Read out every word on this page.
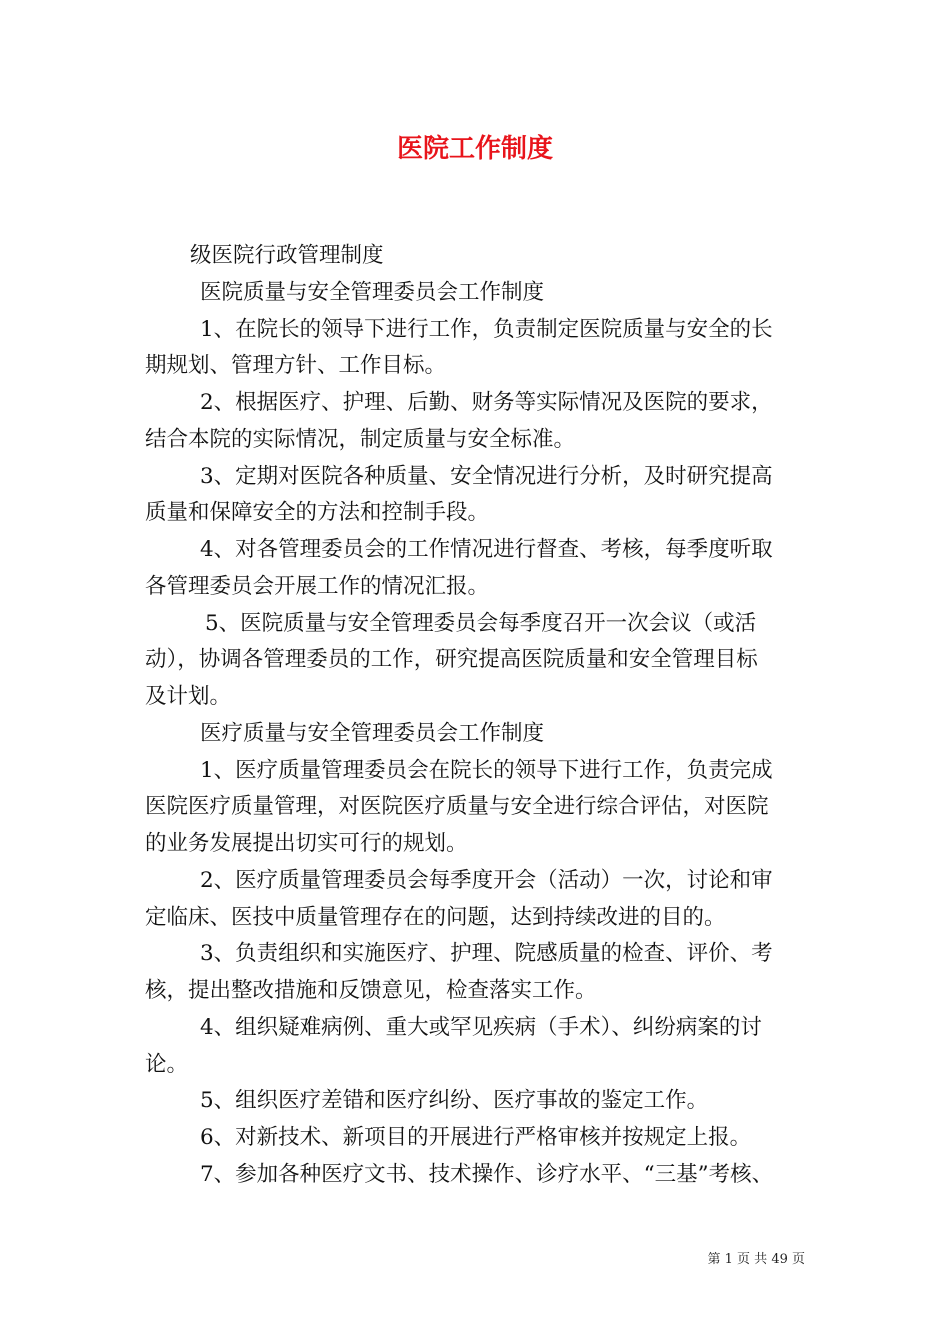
医院工作制度
级医院行政管理制度
医院质量与安全管理委员会工作制度
1、在院长的领导下进行工作，负责制定医院质量与安全的长
期规划、管理方针、工作目标。
2、根据医疗、护理、后勤、财务等实际情况及医院的要求，
结合本院的实际情况，制定质量与安全标准。
3、定期对医院各种质量、安全情况进行分析，及时研究提高
质量和保障安全的方法和控制手段。
4、对各管理委员会的工作情况进行督查、考核，每季度听取
各管理委员会开展工作的情况汇报。
5、医院质量与安全管理委员会每季度召开一次会议（或活
动），协调各管理委员的工作，研究提高医院质量和安全管理目标
及计划。
医疗质量与安全管理委员会工作制度
1、医疗质量管理委员会在院长的领导下进行工作，负责完成
医院医疗质量管理，对医院医疗质量与安全进行综合评估，对医院
的业务发展提出切实可行的规划。
2、医疗质量管理委员会每季度开会（活动）一次，讨论和审
定临床、医技中质量管理存在的问题，达到持续改进的目的。
3、负责组织和实施医疗、护理、院感质量的检查、评价、考
核，提出整改措施和反馈意见，检查落实工作。
4、组织疑难病例、重大或罕见疾病（手术）、纠纷病案的讨
论。
5、组织医疗差错和医疗纠纷、医疗事故的鉴定工作。
6、对新技术、新项目的开展进行严格审核并按规定上报。
7、参加各种医疗文书、技术操作、诊疗水平、“三基”考核、
第 1 页 共 49 页
